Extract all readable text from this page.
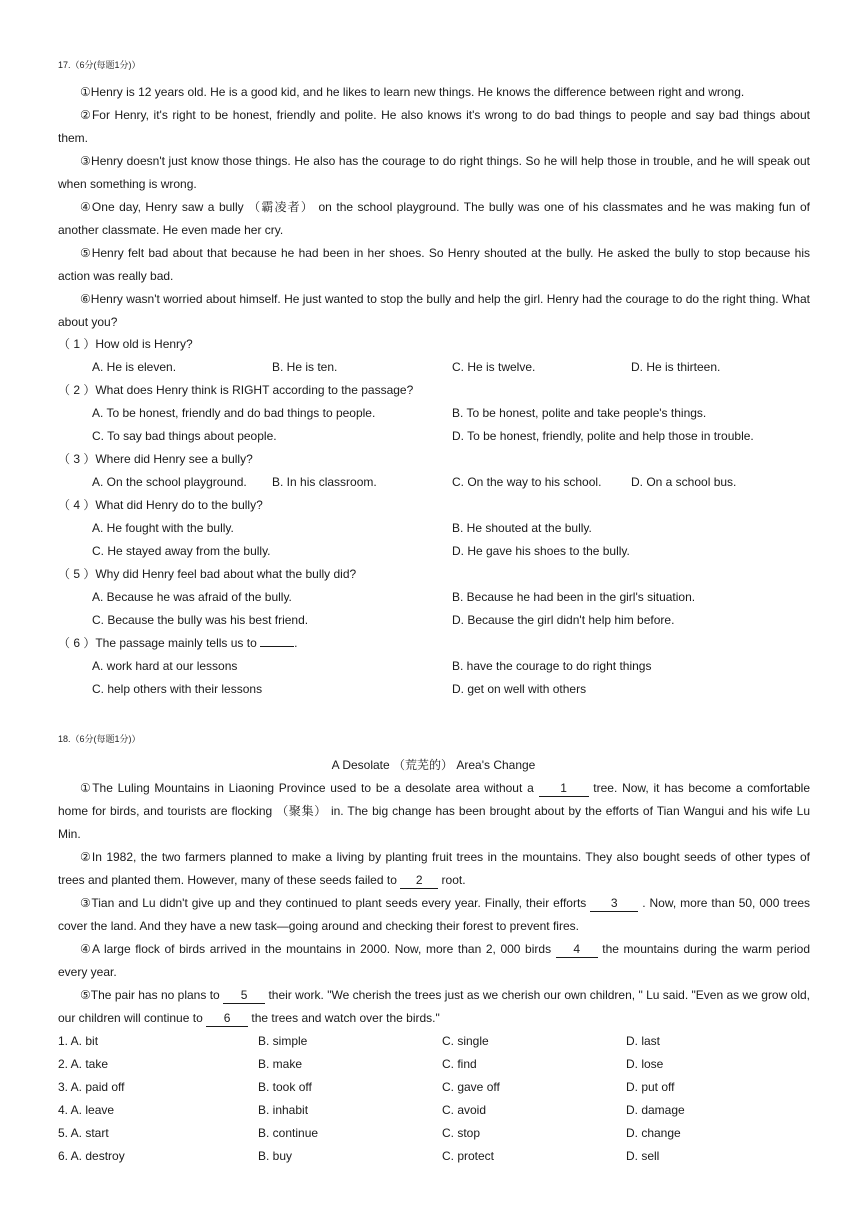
17.（6分(每题1分)）

①Henry is 12 years old. He is a good kid, and he likes to learn new things. He knows the difference between right and wrong.

②For Henry, it's right to be honest, friendly and polite. He also knows it's wrong to do bad things to people and say bad things about them.

③Henry doesn't just know those things. He also has the courage to do right things. So he will help those in trouble, and he will speak out when something is wrong.

④One day, Henry saw a bully （霸凌者） on the school playground. The bully was one of his classmates and he was making fun of another classmate. He even made her cry.

⑤Henry felt bad about that because he had been in her shoes. So Henry shouted at the bully. He asked the bully to stop because his action was really bad.

⑥Henry wasn't worried about himself. He just wanted to stop the bully and help the girl. Henry had the courage to do the right thing. What about you?

（ 1 ）How old is Henry?
A. He is eleven.	B. He is ten.	C. He is twelve.	D. He is thirteen.
（ 2 ）What does Henry think is RIGHT according to the passage?
A. To be honest, friendly and do bad things to people.	B. To be honest, polite and take people's things.
C. To say bad things about people.	D. To be honest, friendly, polite and help those in trouble.
（ 3 ）Where did Henry see a bully?
A. On the school playground. B. In his classroom.	C. On the way to his school. D. On a school bus.
（ 4 ）What did Henry do to the bully?
A. He fought with the bully.	B. He shouted at the bully.
C. He stayed away from the bully.	D. He gave his shoes to the bully.
（ 5 ）Why did Henry feel bad about what the bully did?
A. Because he was afraid of the bully.	B. Because he had been in the girl's situation.
C. Because the bully was his best friend.	D. Because the girl didn't help him before.
（ 6 ）The passage mainly tells us to	.
A. work hard at our lessons	B. have the courage to do right things
C. help others with their lessons	D. get on well with others
18.（6分(每题1分)）
A Desolate （荒芜的） Area's Change

①The Luling Mountains in Liaoning Province used to be a desolate area without a 1 tree. Now, it has become a comfortable home for birds, and tourists are flocking （聚集） in. The big change has been brought about by the efforts of Tian Wangui and his wife Lu Min.

②In 1982, the two farmers planned to make a living by planting fruit trees in the mountains. They also bought seeds of other types of trees and planted them. However, many of these seeds failed to 2 root.

③Tian and Lu didn't give up and they continued to plant seeds every year. Finally, their efforts 3 . Now, more than 50, 000 trees cover the land. And they have a new task—going around and checking their forest to prevent fires.

④A large flock of birds arrived in the mountains in 2000. Now, more than 2, 000 birds 4 the mountains during the warm period every year.

⑤The pair has no plans to 5 their work. "We cherish the trees just as we cherish our own children, " Lu said. "Even as we grow old, our children will continue to 6 the trees and watch over the birds."

1. A. bit	B. simple	C. single	D. last
2. A. take	B. make	C. find	D. lose
3. A. paid off	B. took off	C. gave off	D. put off
4. A. leave	B. inhabit	C. avoid	D. damage
5. A. start	B. continue	C. stop	D. change
6. A. destroy	B. buy	C. protect	D. sell
